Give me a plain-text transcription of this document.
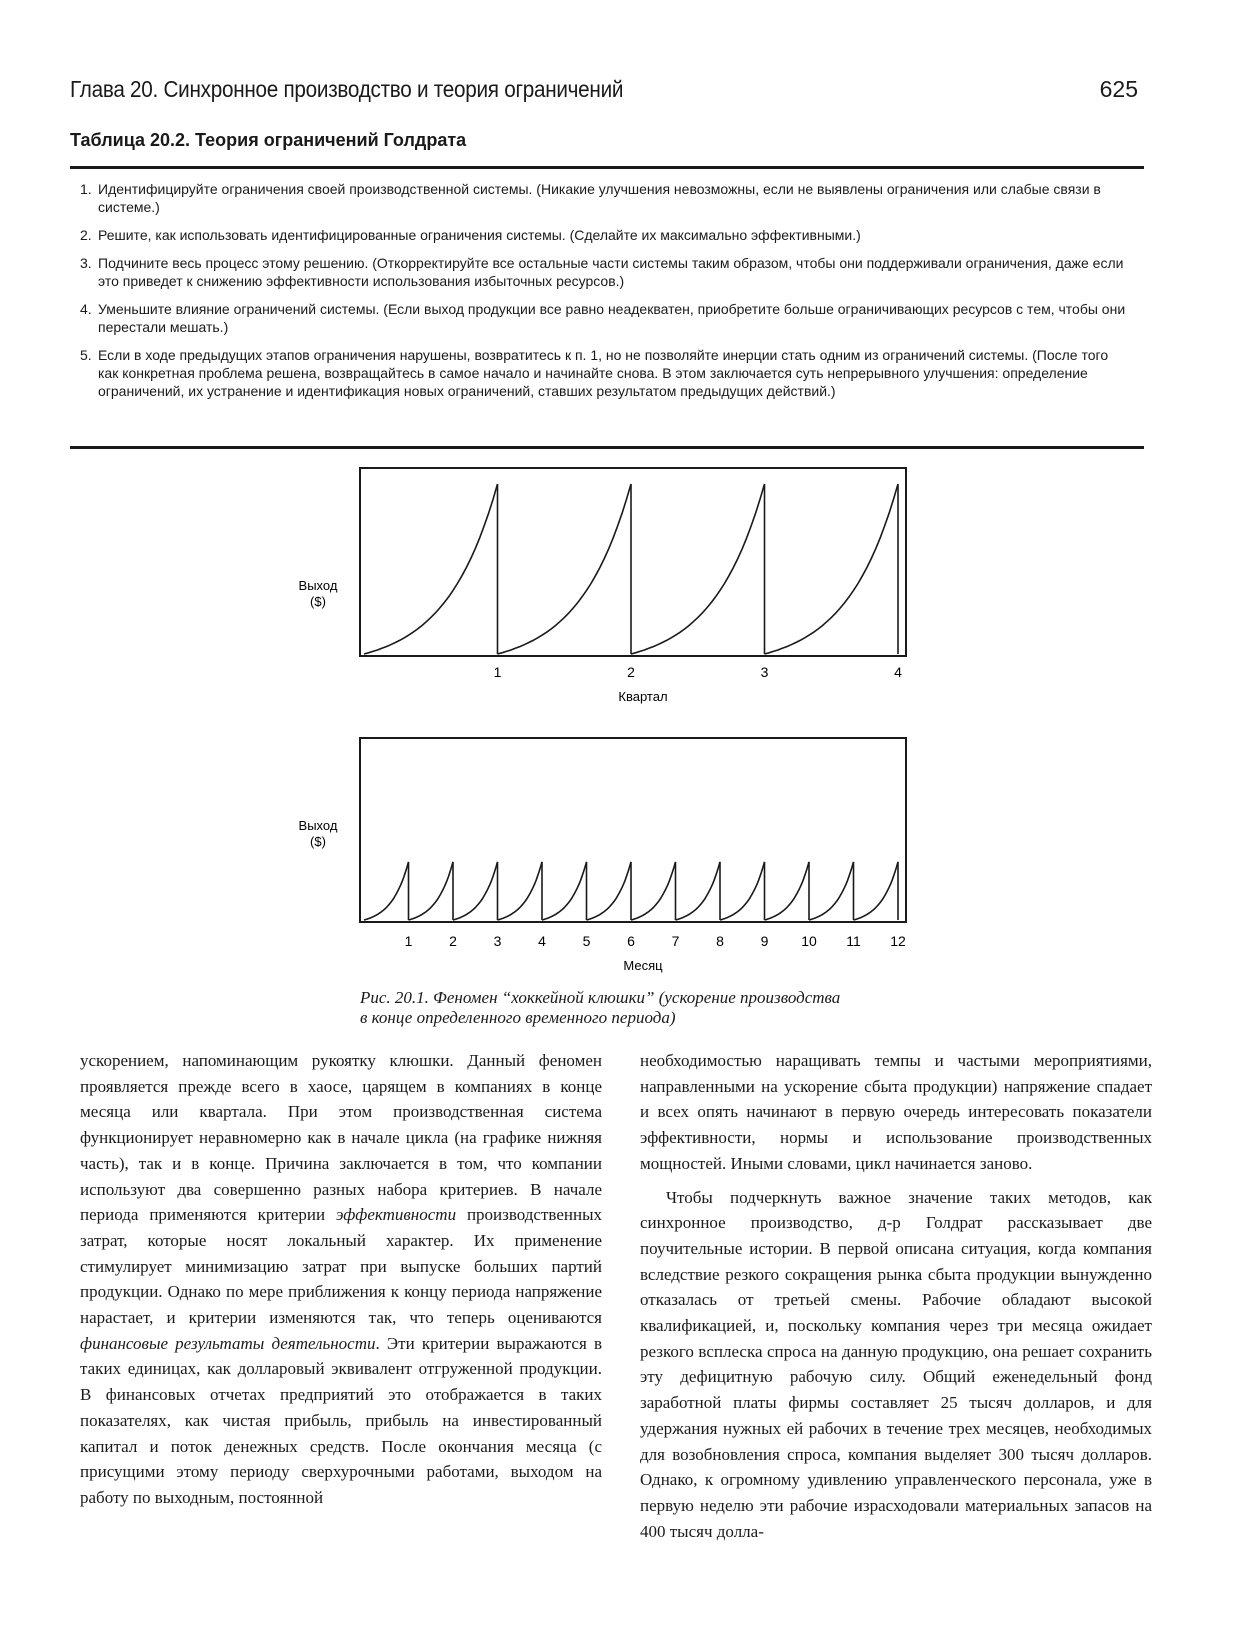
Глава 20. Синхронное производство и теория ограничений	625
Таблица 20.2. Теория ограничений Голдрата
1. Идентифицируйте ограничения своей производственной системы. (Никакие улучшения невозможны, если не выявлены ограничения или слабые связи в системе.)
2. Решите, как использовать идентифицированные ограничения системы. (Сделайте их максимально эффективными.)
3. Подчините весь процесс этому решению. (Откорректируйте все остальные части системы таким образом, чтобы они поддерживали ограничения, даже если это приведет к снижению эффективности использования избыточных ресурсов.)
4. Уменьшите влияние ограничений системы. (Если выход продукции все равно неадекватен, приобретите больше ограничивающих ресурсов с тем, чтобы они перестали мешать.)
5. Если в ходе предыдущих этапов ограничения нарушены, возвратитесь к п. 1, но не позволяйте инерции стать одним из ограничений системы. (После того как конкретная проблема решена, возвращайтесь в самое начало и начинайте снова. В этом заключается суть непрерывного улучшения: определение ограничений, их устранение и идентификация новых ограничений, ставших результатом предыдущих действий.)
Выход
($)
1	2	3	4
Квартал
Выход
($)
1	2	3	4	5	6	7	8	9 10 11 12
Месяц
Рис. 20.1. Феномен “хоккейной клюшки” (ускорение производства
в конце определенного временного периода)

ускорением, напоминающим рукоятку клюшки. Данный феномен проявляется прежде всего в хаосе, царящем в компаниях в конце месяца или квартала. При этом производственная система функционирует неравномерно как в начале цикла (на графике нижняя часть), так и в конце. Причина заключается в том, что компании используют два совершенно разных набора критериев. В начале периода применяются критерии эффективности производственных затрат, которые носят локальный характер. Их применение стимулирует минимизацию затрат при выпуске больших партий продукции. Однако по мере приближения к концу периода напряжение нарастает, и критерии изменяются так, что теперь оцениваются финансовые результаты деятельности. Эти критерии выражаются в таких единицах, как долларовый эквивалент отгруженной продукции. В финансовых отчетах предприятий это отображается в таких показателях, как чистая прибыль, прибыль на инвестированный капитал и поток денежных средств. После окончания месяца (с присущими этому периоду сверхурочными работами, выходом на работу по выходным, постоянной

необходимостью наращивать темпы и частыми мероприятиями, направленными на ускорение сбыта продукции) напряжение спадает и всех опять начинают в первую очередь интересовать показатели эффективности, нормы и использование производственных мощностей. Иными словами, цикл начинается заново.

Чтобы подчеркнуть важное значение таких методов, как синхронное производство, д-р Голдрат рассказывает две поучительные истории. В первой описана ситуация, когда компания вследствие резкого сокращения рынка сбыта продукции вынужденно отказалась от третьей смены. Рабочие обладают высокой квалификацией, и, поскольку компания через три месяца ожидает резкого всплеска спроса на данную продукцию, она решает сохранить эту дефицитную рабочую силу. Общий еженедельный фонд заработной платы фирмы составляет 25 тысяч долларов, и для удержания нужных ей рабочих в течение трех месяцев, необходимых для возобновления спроса, компания выделяет 300 тысяч долларов. Однако, к огромному удивлению управленческого персонала, уже в первую неделю эти рабочие израсходовали материальных запасов на 400 тысяч долла-
